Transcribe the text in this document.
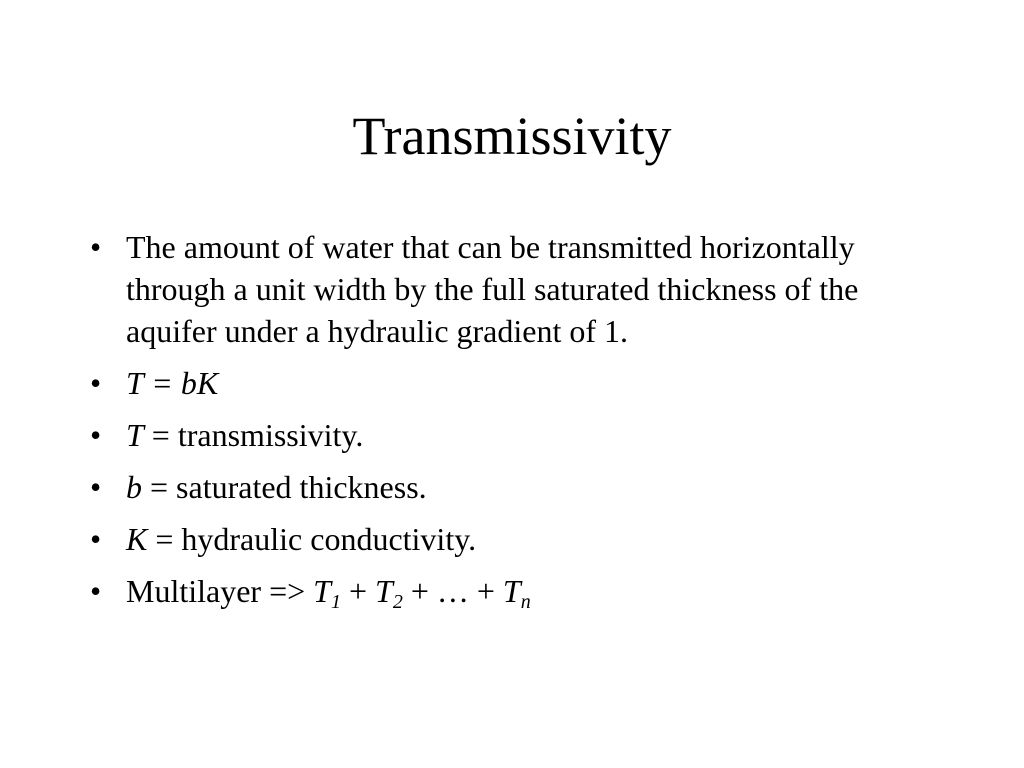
Transmissivity
• The amount of water that can be transmitted horizontally through a unit width by the full saturated thickness of the aquifer under a hydraulic gradient of 1.
• T = bK
• T = transmissivity.
• b = saturated thickness.
• K = hydraulic conductivity.
• Multilayer => $T_1 + T_2$ + … + $T_n$
